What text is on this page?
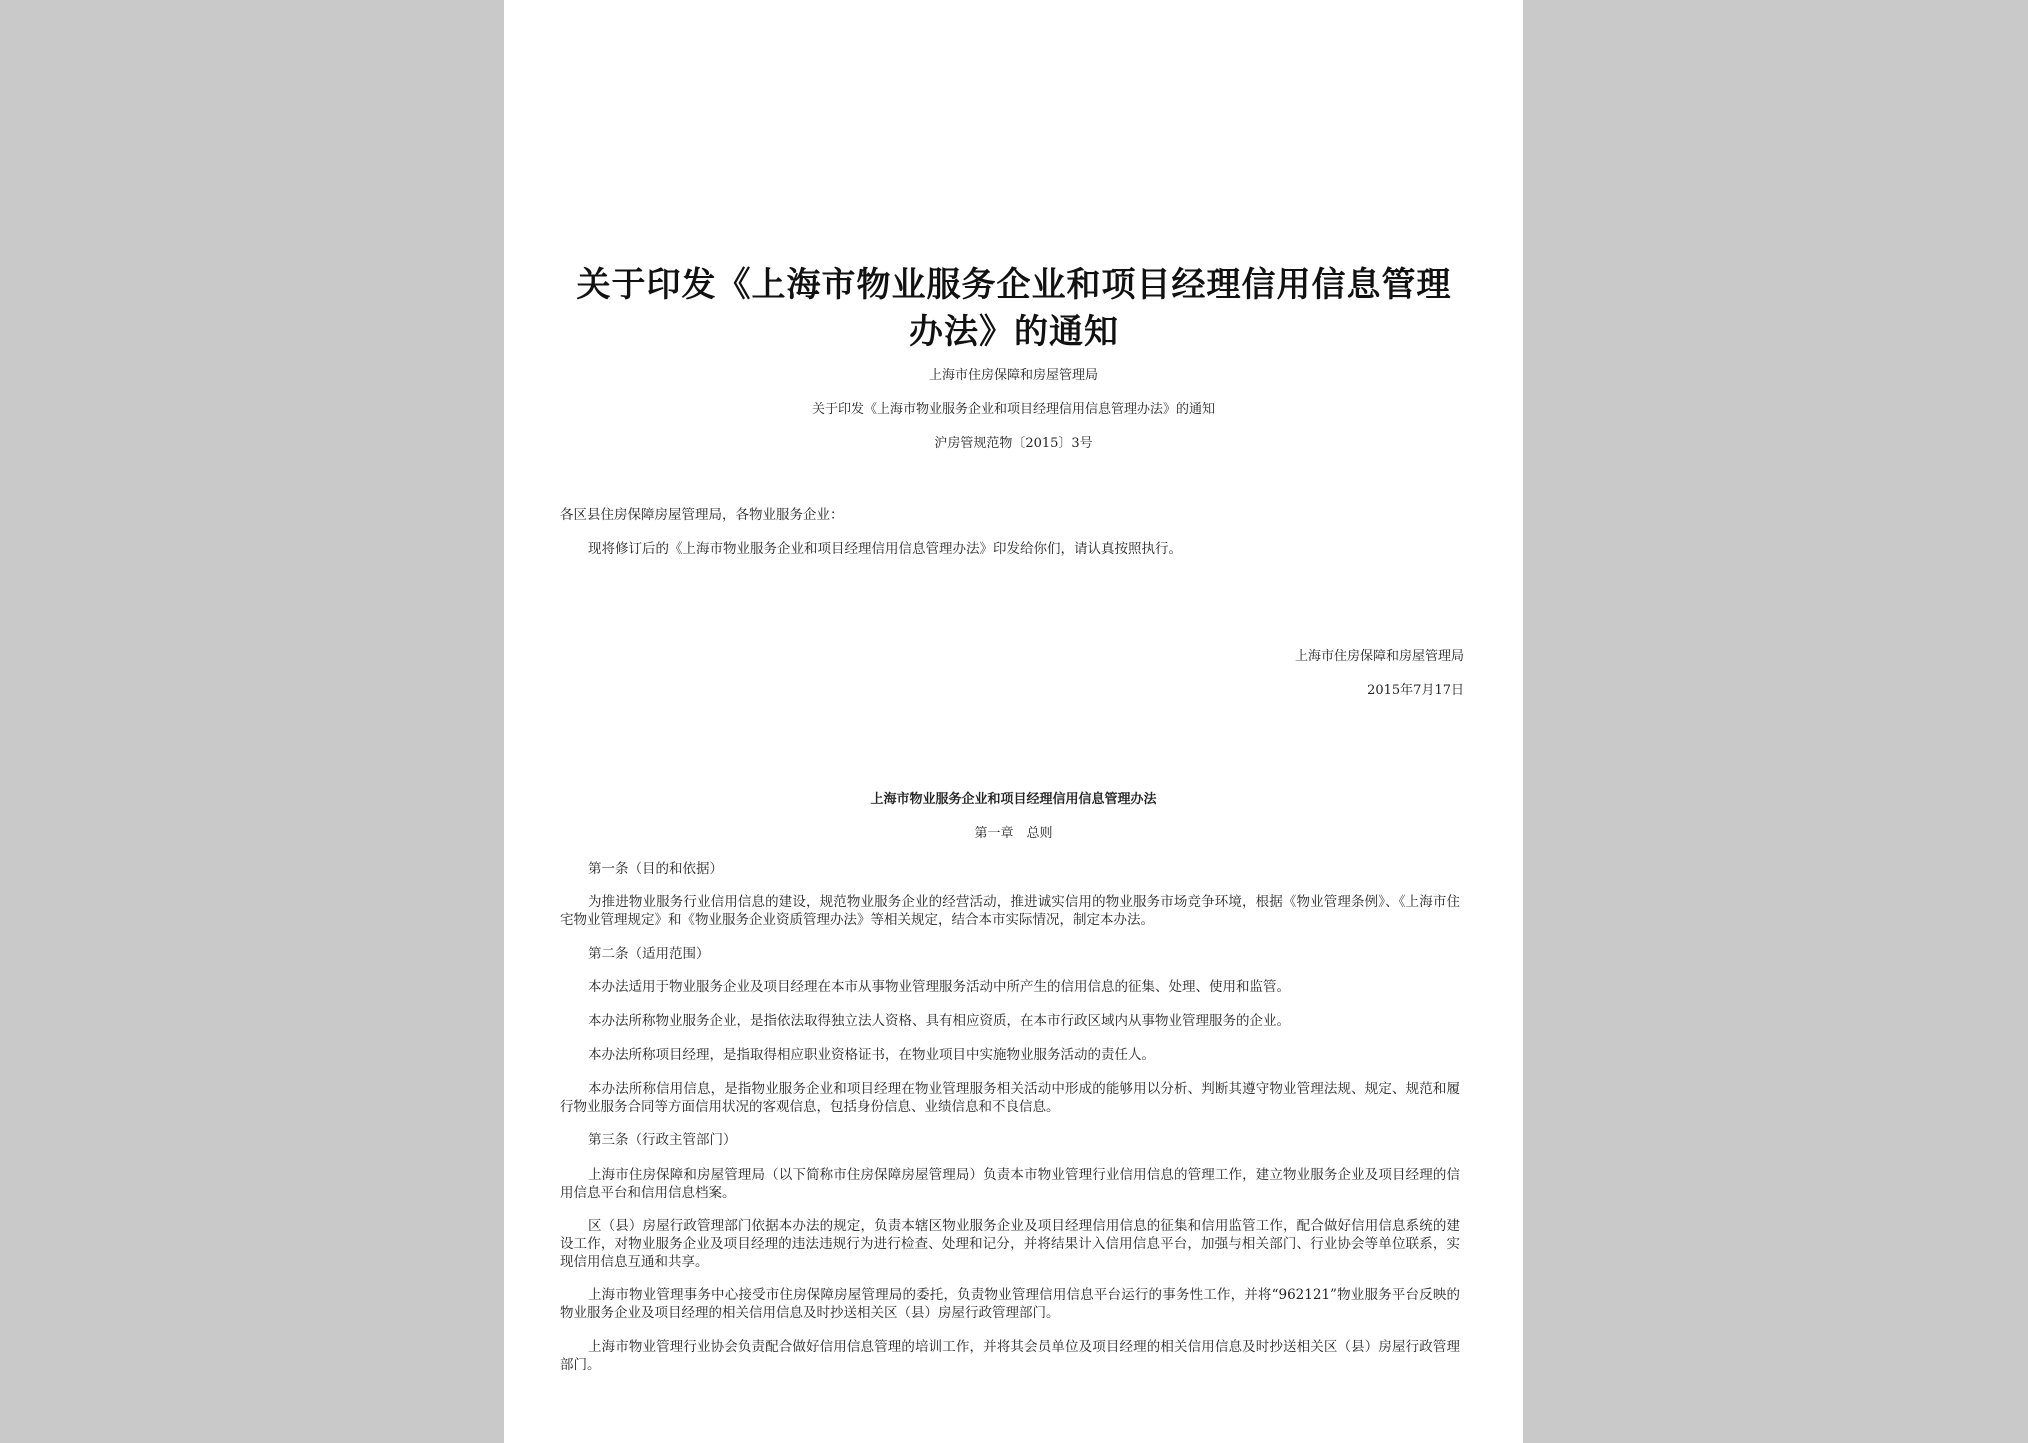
关于印发《上海市物业服务企业和项目经理信用信息管理办法》的通知
上海市住房保障和房屋管理局
关于印发《上海市物业服务企业和项目经理信用信息管理办法》的通知
沪房管规范物〔2015〕3号
各区县住房保障房屋管理局，各物业服务企业：
现将修订后的《上海市物业服务企业和项目经理信用信息管理办法》印发给你们，请认真按照执行。
上海市住房保障和房屋管理局
2015年7月17日
上海市物业服务企业和项目经理信用信息管理办法
第一章　总则
第一条（目的和依据）
为推进物业服务行业信用信息的建设，规范物业服务企业的经营活动，推进诚实信用的物业服务市场竞争环境，根据《物业管理条例》、《上海市住宅物业管理规定》和《物业服务企业资质管理办法》等相关规定，结合本市实际情况，制定本办法。
第二条（适用范围）
本办法适用于物业服务企业及项目经理在本市从事物业管理服务活动中所产生的信用信息的征集、处理、使用和监管。
本办法所称物业服务企业，是指依法取得独立法人资格、具有相应资质，在本市行政区域内从事物业管理服务的企业。
本办法所称项目经理，是指取得相应职业资格证书，在物业项目中实施物业服务活动的责任人。
本办法所称信用信息，是指物业服务企业和项目经理在物业管理服务相关活动中形成的能够用以分析、判断其遵守物业管理法规、规定、规范和履行物业服务合同等方面信用状况的客观信息，包括身份信息、业绩信息和不良信息。
第三条（行政主管部门）
上海市住房保障和房屋管理局（以下简称市住房保障房屋管理局）负责本市物业管理行业信用信息的管理工作，建立物业服务企业及项目经理的信用信息平台和信用信息档案。
区（县）房屋行政管理部门依据本办法的规定，负责本辖区物业服务企业及项目经理信用信息的征集和信用监管工作，配合做好信用信息系统的建设工作，对物业服务企业及项目经理的违法违规行为进行检查、处理和记分，并将结果计入信用信息平台，加强与相关部门、行业协会等单位联系，实现信用信息互通和共享。
上海市物业管理事务中心接受市住房保障房屋管理局的委托，负责物业管理信用信息平台运行的事务性工作，并将“962121”物业服务平台反映的物业服务企业及项目经理的相关信用信息及时抄送相关区（县）房屋行政管理部门。
上海市物业管理行业协会负责配合做好信用信息管理的培训工作，并将其会员单位及项目经理的相关信用信息及时抄送相关区（县）房屋行政管理部门。
